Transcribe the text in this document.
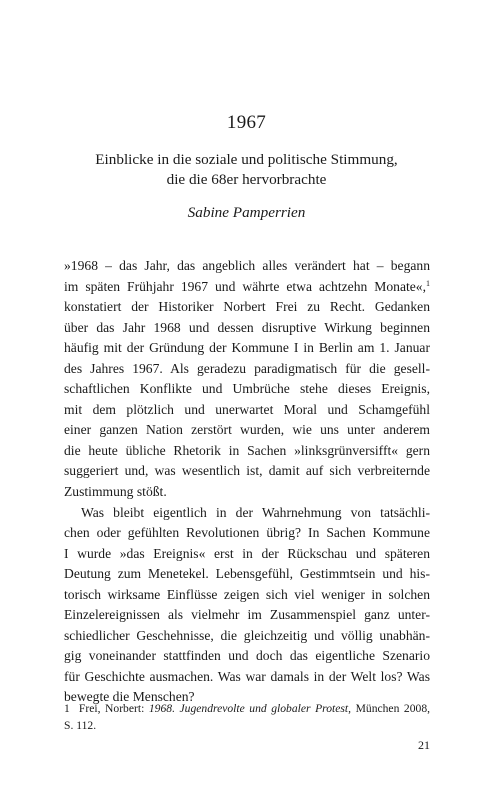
1967
Einblicke in die soziale und politische Stimmung,
die die 68er hervorbrachte
Sabine Pamperrien
»1968 – das Jahr, das angeblich alles verändert hat – begann
im späten Frühjahr 1967 und währte etwa achtzehn Monate«,$^1$
konstatiert der Historiker Norbert Frei zu Recht. Gedanken
über das Jahr 1968 und dessen disruptive Wirkung beginnen
häufig mit der Gründung der Kommune I in Berlin am 1. Januar
des Jahres 1967. Als geradezu paradigmatisch für die gesell-
schaftlichen Konflikte und Umbrüche stehe dieses Ereignis,
mit dem plötzlich und unerwartet Moral und Schamgefühl
einer ganzen Nation zerstört wurden, wie uns unter anderem
die heute übliche Rhetorik in Sachen »linksgrünversifft« gern
suggeriert und, was wesentlich ist, damit auf sich verbreiternde
Zustimmung stößt.
Was bleibt eigentlich in der Wahrnehmung von tatsächli-
chen oder gefühlten Revolutionen übrig? In Sachen Kommune
I wurde »das Ereignis« erst in der Rückschau und späteren
Deutung zum Menetekel. Lebensgefühl, Gestimmtsein und his-
torisch wirksame Einflüsse zeigen sich viel weniger in solchen
Einzelereignissen als vielmehr im Zusammenspiel ganz unter-
schiedlicher Geschehnisse, die gleichzeitig und völlig unabhän-
gig voneinander stattfinden und doch das eigentliche Szenario
für Geschichte ausmachen. Was war damals in der Welt los? Was
bewegte die Menschen?
1 Frei, Norbert: 1968. Jugendrevolte und globaler Protest, München 2008,
S. 112.
21
